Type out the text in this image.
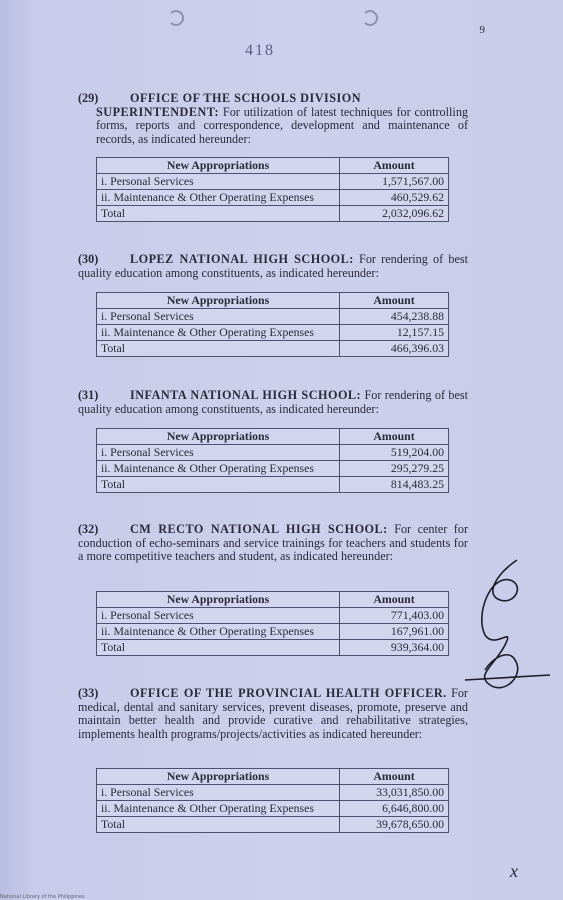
9
418

(29)	OFFICE OF THE SCHOOLS DIVISION

SUPERINTENDENT: For utilization of latest techniques for controlling forms, reports and correspondence, development and maintenance of records, as indicated hereunder:

New Appropriations	Amount
i. Personal Services	1,571,567.00
ii. Maintenance & Other Operating Expenses	460,529.62
Total	2,032,096.62

(30)	LOPEZ NATIONAL HIGH SCHOOL: For rendering of best quality education among constituents, as indicated hereunder:

New Appropriations	Amount
i. Personal Services	454,238.88
ii. Maintenance & Other Operating Expenses	12,157.15
Total	466,396.03

(31)	INFANTA NATIONAL HIGH SCHOOL: For rendering of best quality education among constituents, as indicated hereunder:

New Appropriations	Amount
i. Personal Services	519,204.00
ii. Maintenance & Other Operating Expenses	295,279.25
Total	814,483.25

(32)	CM RECTO NATIONAL HIGH SCHOOL: For center for conduction of echo-seminars and service trainings for teachers and students for a more competitive teachers and student, as indicated hereunder:

New Appropriations	Amount
i. Personal Services	771,403.00
ii. Maintenance & Other Operating Expenses	167,961.00
Total	939,364.00

(33)	OFFICE OF THE PROVINCIAL HEALTH OFFICER. For medical, dental and sanitary services, prevent diseases, promote, preserve and maintain better health and provide curative and rehabilitative strategies, implements health programs/projects/activities as indicated hereunder:

New Appropriations	Amount
i. Personal Services	33,031,850.00
ii. Maintenance & Other Operating Expenses	6,646,800.00
Total	39,678,650.00
x
National Library of the Philippines
